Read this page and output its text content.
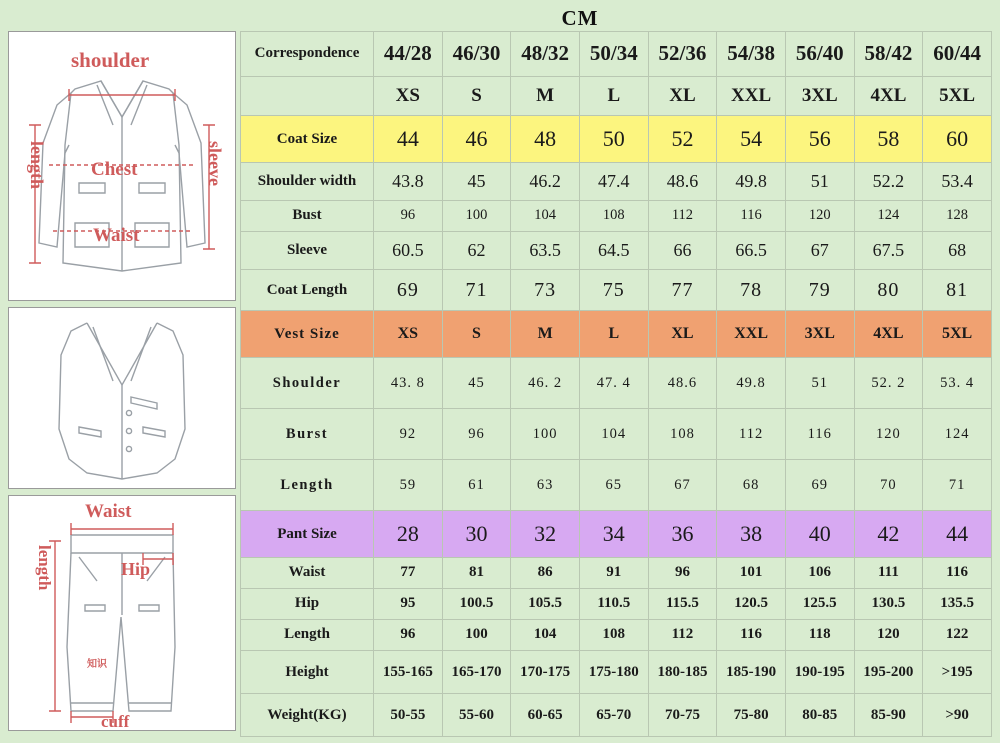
CM
shoulder
length	sleeve
Chest
Waist
Waist
length	Hip
cuff
知识
Correspondence	44/28	46/30	48/32	50/34	52/36	54/38	56/40	58/42	60/44
	XS	S	M	L	XL	XXL	3XL	4XL	5XL
Coat Size	44	46	48	50	52	54	56	58	60
Shoulder width	43.8	45	46.2	47.4	48.6	49.8	51	52.2	53.4
Bust	96	100	104	108	112	116	120	124	128
Sleeve	60.5	62	63.5	64.5	66	66.5	67	67.5	68
Coat Length	69	71	73	75	77	78	79	80	81
Vest Size	XS	S	M	L	XL	XXL	3XL	4XL	5XL
Shoulder	43. 8	45	46. 2	47. 4	48.6	49.8	51	52. 2	53. 4
Burst	92	96	100	104	108	112	116	120	124
Length	59	61	63	65	67	68	69	70	71
Pant Size	28	30	32	34	36	38	40	42	44
Waist	77	81	86	91	96	101	106	111	116
Hip	95	100.5	105.5	110.5	115.5	120.5	125.5	130.5	135.5
Length	96	100	104	108	112	116	118	120	122
Height	155-165	165-170	170-175	175-180	180-185	185-190	190-195	195-200	>195
Weight(KG)	50-55	55-60	60-65	65-70	70-75	75-80	80-85	85-90	>90
